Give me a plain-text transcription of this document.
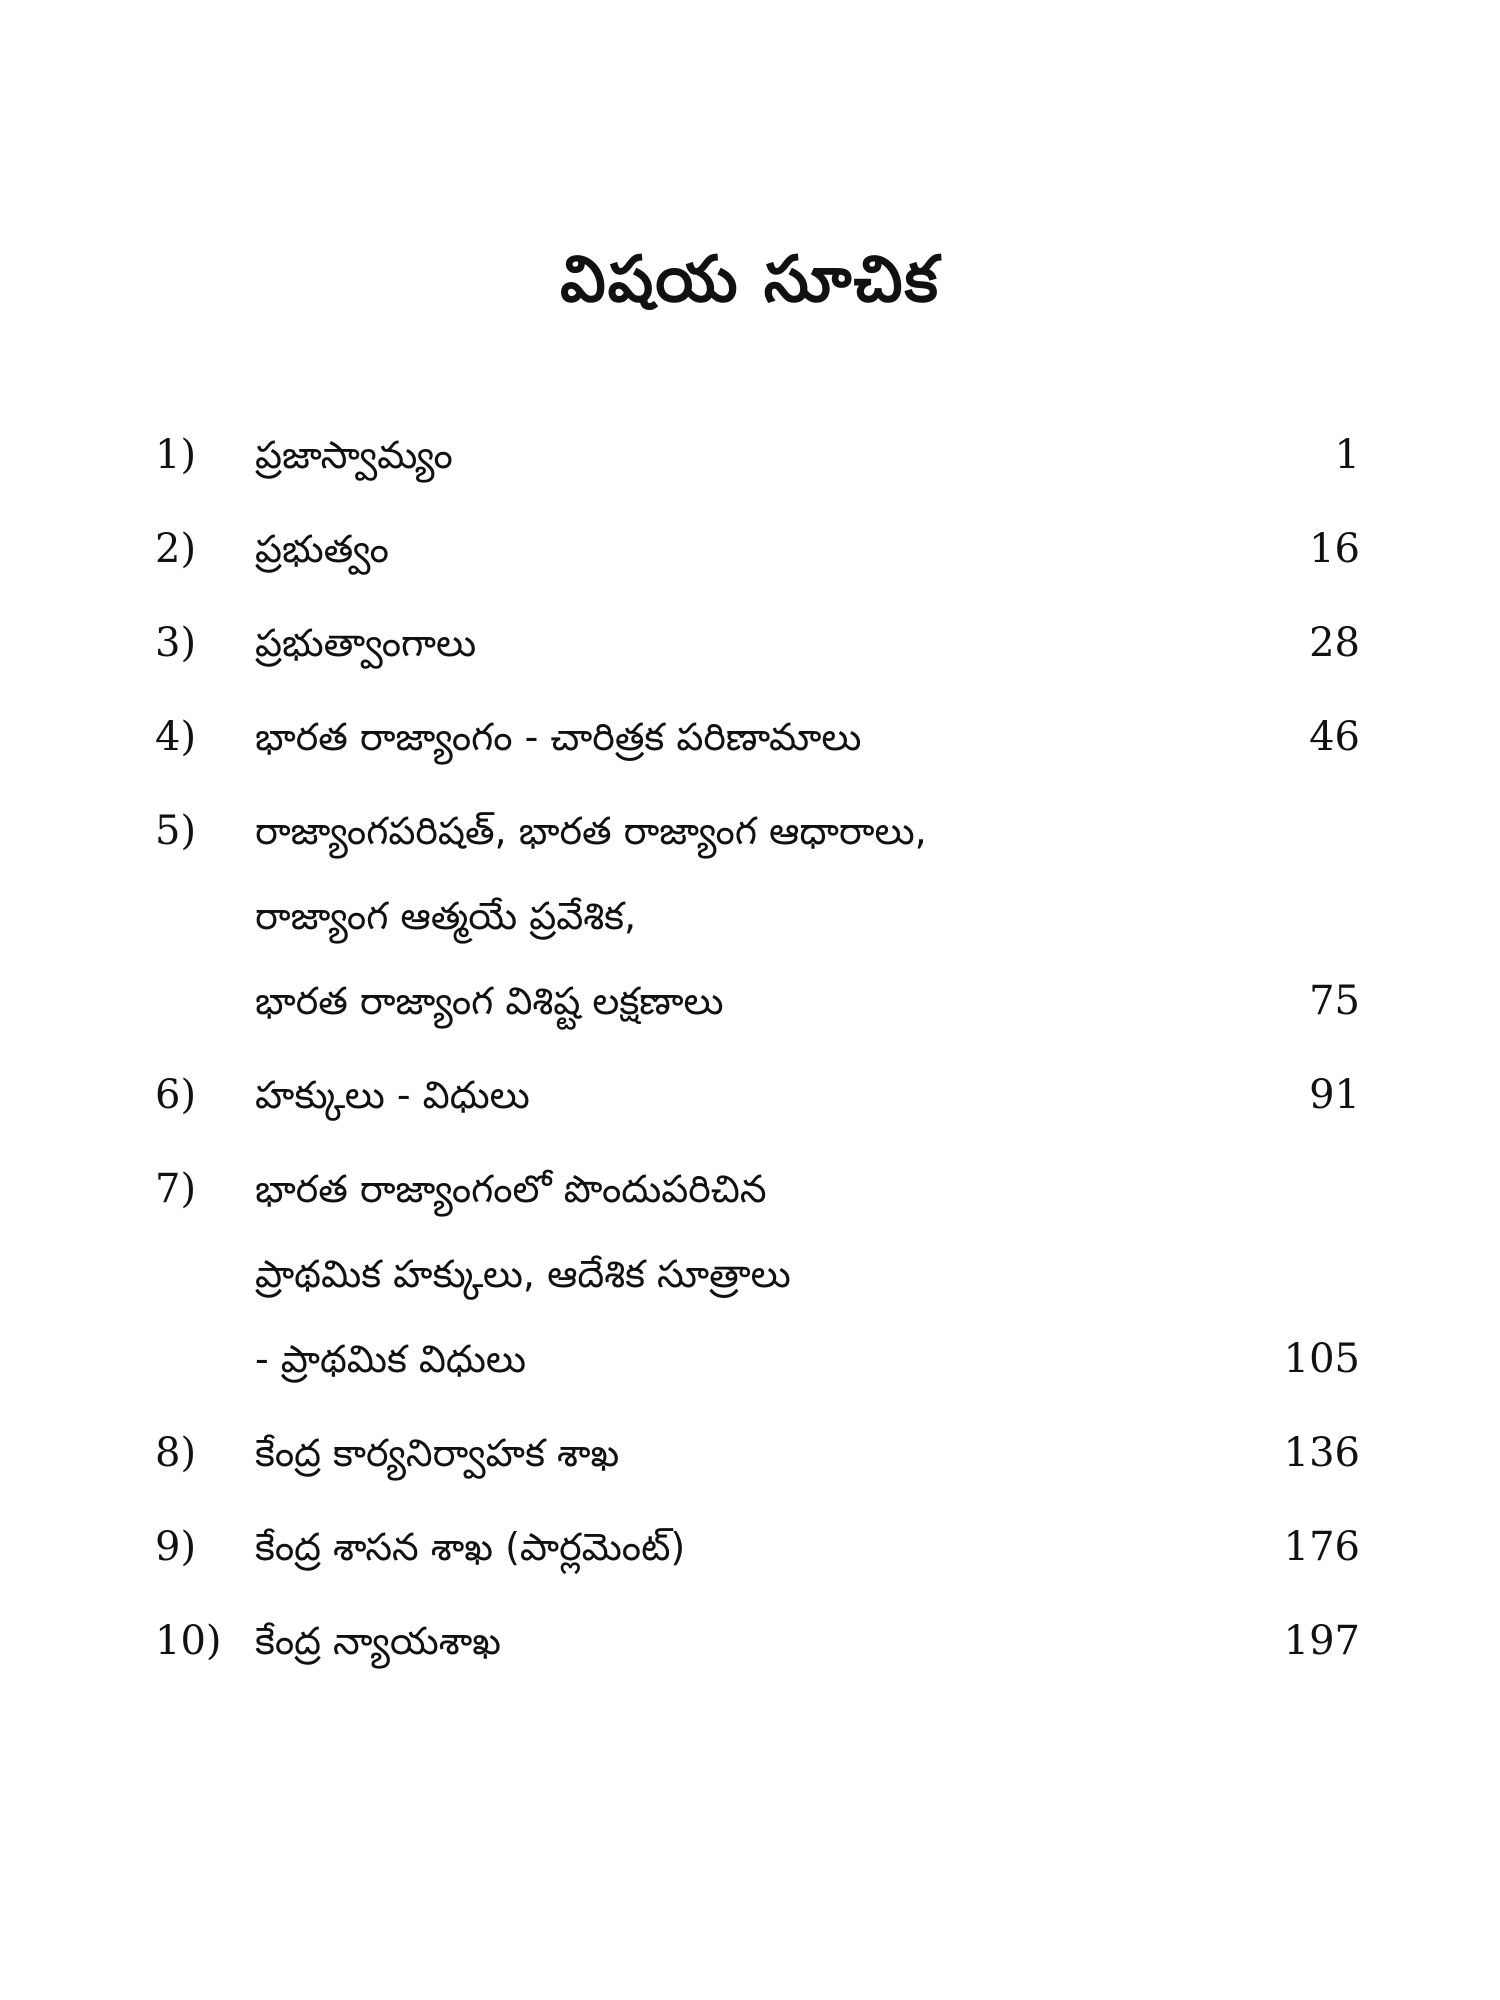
విషయ సూచిక
1) ప్రజాస్వామ్యం	1
2) ప్రభుత్వం	16
3) ప్రభుత్వాంగాలు	28
4) భారత రాజ్యాంగం - చారిత్రక పరిణామాలు	46
5) రాజ్యాంగపరిషత్, భారత రాజ్యాంగ ఆధారాలు,
రాజ్యాంగ ఆత్మయే ప్రవేశిక,
భారత రాజ్యాంగ విశిష్ట లక్షణాలు	75
6) హక్కులు - విధులు	91
7) భారత రాజ్యాంగంలో పొందుపరిచిన
ప్రాథమిక హక్కులు, ఆదేశిక సూత్రాలు
- ప్రాథమిక విధులు	105
8) కేంద్ర కార్యనిర్వాహక శాఖ	136
9) కేంద్ర శాసన శాఖ (పార్లమెంట్)	176
10) కేంద్ర న్యాయశాఖ	197
